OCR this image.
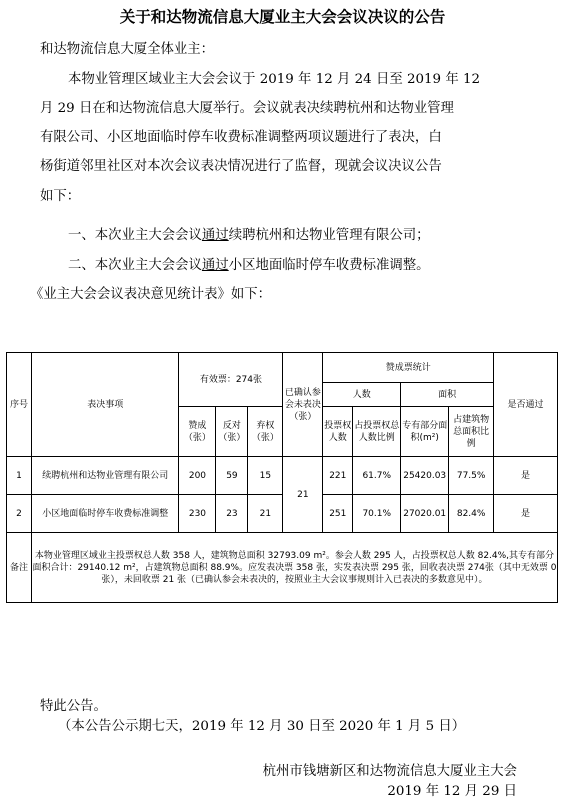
关于和达物流信息大厦业主大会会议决议的公告
和达物流信息大厦全体业主：
本物业管理区域业主大会会议于 2019 年 12 月 24 日至 2019 年 12
月 29 日在和达物流信息大厦举行。会议就表决续聘杭州和达物业管理
有限公司、小区地面临时停车收费标准调整两项议题进行了表决，白
杨街道邻里社区对本次会议表决情况进行了监督，现就会议决议公告
如下：
一、本次业主大会会议通过续聘杭州和达物业管理有限公司；
二、本次业主大会会议通过小区地面临时停车收费标准调整。
《业主大会会议表决意见统计表》如下：
序号	表决事项	有效票：274张			已确认参会未表决（张）	赞成票统计				是否通过
						人数		面积		
		赞成（张）	反对（张）	弃权（张）		投票权人数	占投票权总人数比例	专有部分面积(m²)	占建筑物总面积比例	
1	续聘杭州和达物业管理有限公司	200	59	15	21	221	61.7%	25420.03	77.5%	是
2	小区地面临时停车收费标准调整	230	23	21		251	70.1%	27020.01	82.4%	是
备注	本物业管理区域业主投票权总人数 358 人，建筑物总面积 32793.09 m²。参会人数 295 人，占投票权总人数 82.4%,其专有部分面积合计：29140.12 m²，占建筑物总面积 88.9%。应发表决票 358 张，实发表决票 295 张，回收表决票 274张（其中无效票 0 张），未回收票 21 张（已确认参会未表决的，按照业主大会议事规则计入已表决的多数意见中）。									
特此公告。
（本公告公示期七天，2019 年 12 月 30 日至 2020 年 1 月 5 日）
杭州市钱塘新区和达物流信息大厦业主大会
2019 年 12 月 29 日
